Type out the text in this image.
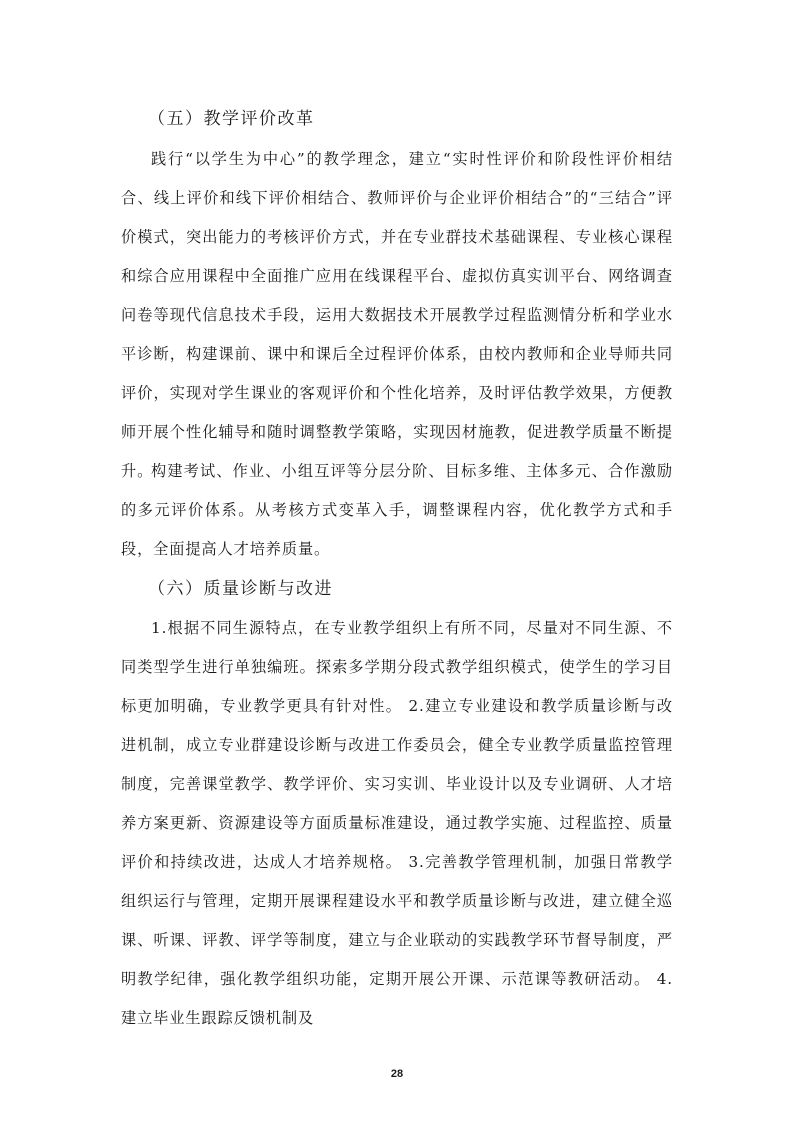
（五）教学评价改革

践行“以学生为中心”的教学理念，建立“实时性评价和阶段性评价相结合、线上评价和线下评价相结合、教师评价与企业评价相结合”的“三结合”评价模式，突出能力的考核评价方式，并在专业群技术基础课程、专业核心课程和综合应用课程中全面推广应用在线课程平台、虚拟仿真实训平台、网络调查问卷等现代信息技术手段，运用大数据技术开展教学过程监测情分析和学业水平诊断，构建课前、课中和课后全过程评价体系，由校内教师和企业导师共同评价，实现对学生课业的客观评价和个性化培养，及时评估教学效果，方便教师开展个性化辅导和随时调整教学策略，实现因材施教，促进教学质量不断提升。

构建考试、作业、小组互评等分层分阶、目标多维、主体多元、合作激励的多元评价体系。从考核方式变革入手，调整课程内容，优化教学方式和手段，全面提高人才培养质量。

（六）质量诊断与改进

1.根据不同生源特点，在专业教学组织上有所不同，尽量对不同生源、不同类型学生进行单独编班。探索多学期分段式教学组织模式，使学生的学习目标更加明确，专业教学更具有针对性。 2.建立专业建设和教学质量诊断与改进机制，成立专业群建设诊断与改进工作委员会，健全专业教学质量监控管理制度，完善课堂教学、教学评价、实习实训、毕业设计以及专业调研、人才培养方案更新、资源建设等方面质量标准建设，通过教学实施、过程监控、质量评价和持续改进，达成人才培养规格。 3.完善教学管理机制，加强日常教学组织运行与管理，定期开展课程建设水平和教学质量诊断与改进，建立健全巡课、听课、评教、评学等制度，建立与企业联动的实践教学环节督导制度，严明教学纪律，强化教学组织功能，定期开展公开课、示范课等教研活动。 4.建立毕业生跟踪反馈机制及

28
